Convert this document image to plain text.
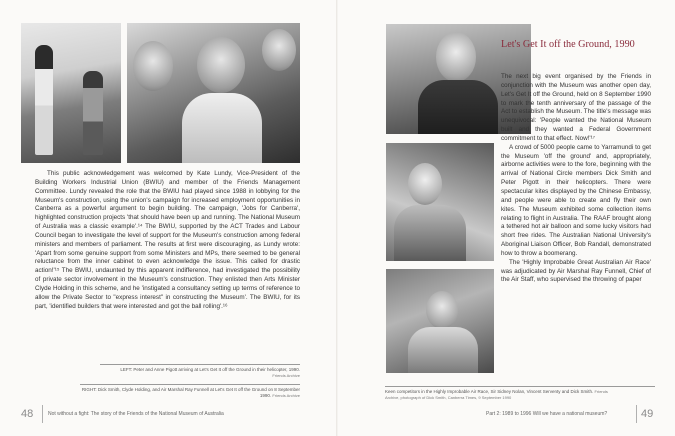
This public acknowledgement was welcomed by Kate Lundy, Vice-President of the Building Workers Industrial Union (BWIU) and member of the Friends Management Committee. Lundy revealed the role that the BWIU had played since 1988 in lobbying for the Museum's construction, using the union's campaign for increased employment opportunities in Canberra as a powerful argument to begin building. The campaign, 'Jobs for Canberra', highlighted construction projects 'that should have been up and running. The National Museum of Australia was a classic example'.¹⁴ The BWIU, supported by the ACT Trades and Labour Council began to investigate the level of support for the Museum's construction among federal ministers and members of parliament. The results at first were discouraging, as Lundy wrote: 'Apart from some genuine support from some Ministers and MPs, there seemed to be general reluctance from the inner cabinet to even acknowledge the issue. This called for drastic action!'¹⁵ The BWIU, undaunted by this apparent indifference, had investigated the possibility of private sector involvement in the Museum's construction. They enlisted then Arts Minister Clyde Holding in this scheme, and he 'instigated a consultancy setting up terms of reference to allow the Private Sector to "express interest" in constructing the Museum'. The BWIU, for its part, 'identified builders that were interested and got the ball rolling'.¹⁶

LEFT: Peter and Anne Pigott arriving at Let's Get It off the Ground in their helicopter, 1990.
Friends Archive
RIGHT: Dick Smith, Clyde Holding, and Air Marshal Ray Funnell at Let's Get It off the Ground on 8 September 1990. Friends Archive
48	Not without a fight: The story of the Friends of the National Museum of Australia
Let's Get It off the Ground, 1990

The next big event organised by the Friends in conjunction with the Museum was another open day, Let's Get It off the Ground, held on 8 September 1990 to mark the tenth anniversary of the passage of the Act to establish the Museum. The title's message was unequivocal: 'People wanted the National Museum built and they wanted a Federal Government commitment to that effect. Now!'¹⁷

A crowd of 5000 people came to Yarramundi to get the Museum 'off the ground' and, appropriately, airborne activities were to the fore, beginning with the arrival of National Circle members Dick Smith and Peter Pigott in their helicopters. There were spectacular kites displayed by the Chinese Embassy, and people were able to create and fly their own kites. The Museum exhibited some collection items relating to flight in Australia. The RAAF brought along a tethered hot air balloon and some lucky visitors had short free rides. The Australian National University's Aboriginal Liaison Officer, Bob Randall, demonstrated how to throw a boomerang.

The 'Highly Improbable Great Australian Air Race' was adjudicated by Air Marshal Ray Funnell, Chief of the Air Staff, who supervised the throwing of paper

Keen competitors in the Highly Improbable Air Race, Sir Sidney Nolan, Vincent Serventy and Dick Smith. Friends Archive, photograph of Dick Smith, Canberra Times, 9 September 1990
Part 2: 1989 to 1996 Will we have a national museum?	49
